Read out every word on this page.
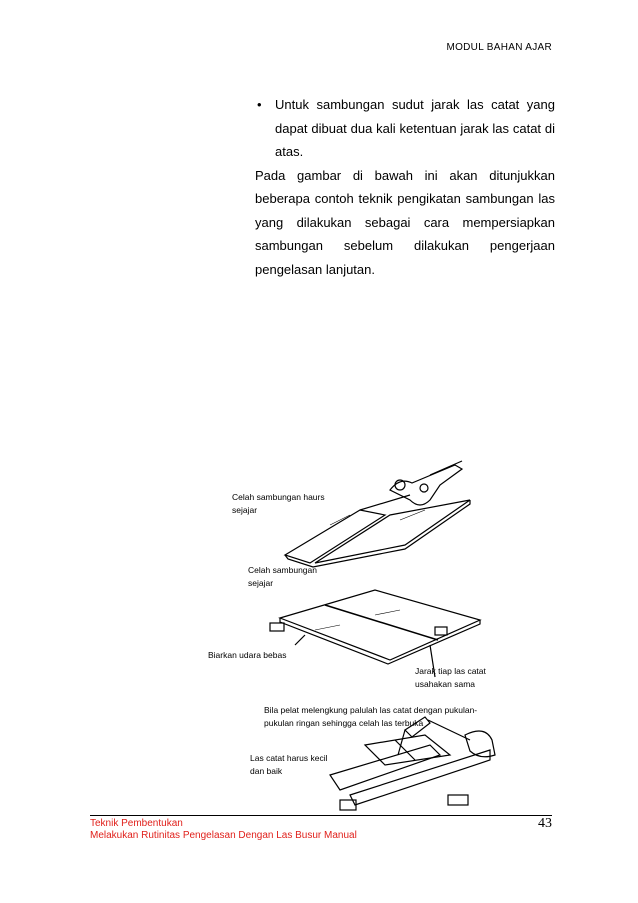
MODUL BAHAN AJAR
• Untuk sambungan sudut jarak las catat yang dapat dibuat dua kali ketentuan jarak las catat di atas.
Pada gambar di bawah ini akan ditunjukkan beberapa contoh teknik pengikatan sambungan las yang dilakukan sebagai cara mempersiapkan sambungan sebelum dilakukan pengerjaan pengelasan lanjutan.
Celah sambungan haurs
sejajar
Celah sambungan
sejajar
Biarkan udara bebas
Jarak tiap las catat
usahakan sama
Bila pelat melengkung palulah las catat dengan pukulan-
pukulan ringan sehingga celah las terbuka
Las catat harus kecil
dan baik
Teknik Pembentukan
Melakukan Rutinitas Pengelasan Dengan Las Busur Manual
43
